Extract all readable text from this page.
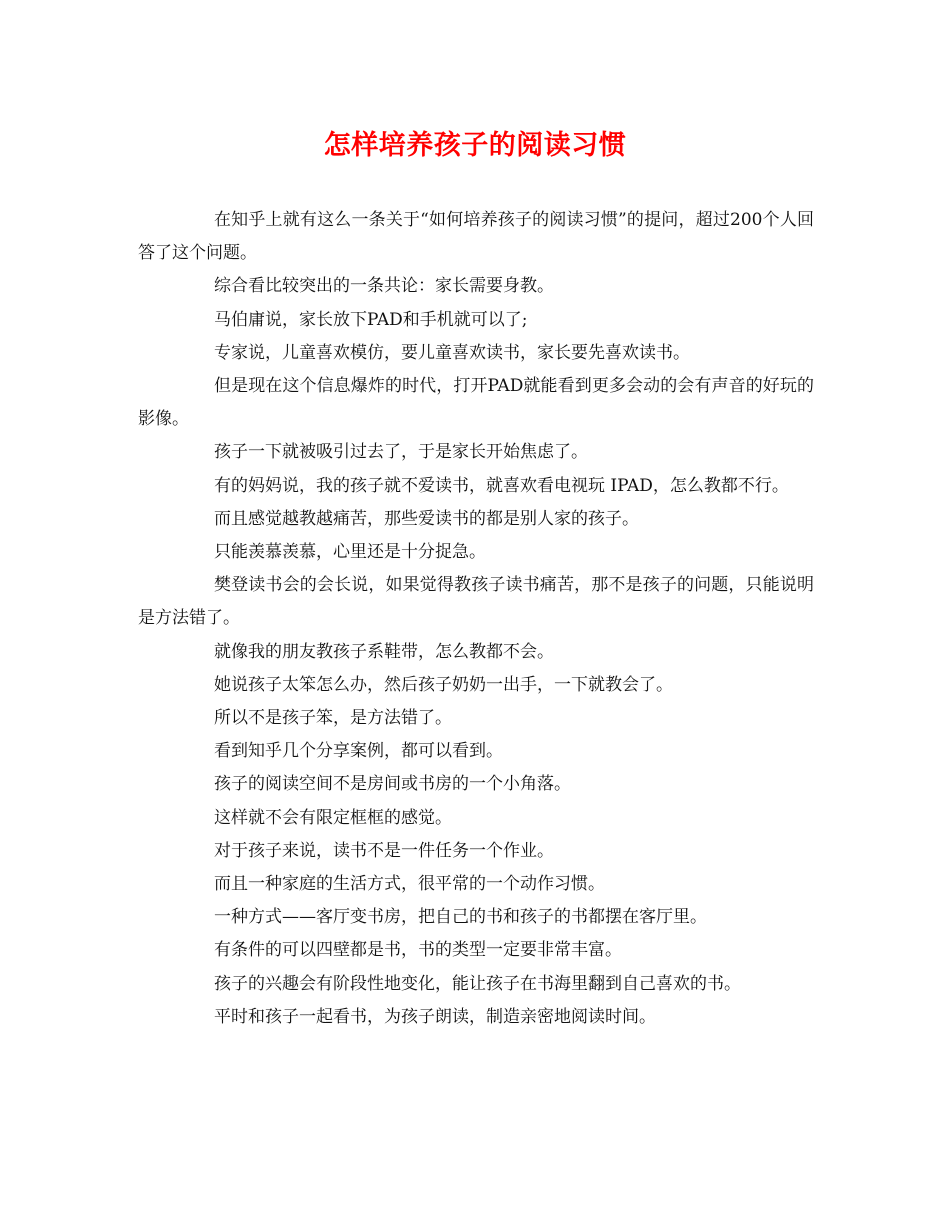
怎样培养孩子的阅读习惯

在知乎上就有这么一条关于“如何培养孩子的阅读习惯”的提问，超过200个人回答了这个问题。

综合看比较突出的一条共论：家长需要身教。

马伯庸说，家长放下PAD和手机就可以了;

专家说，儿童喜欢模仿，要儿童喜欢读书，家长要先喜欢读书。

但是现在这个信息爆炸的时代，打开PAD就能看到更多会动的会有声音的好玩的影像。

孩子一下就被吸引过去了，于是家长开始焦虑了。

有的妈妈说，我的孩子就不爱读书，就喜欢看电视玩 IPAD，怎么教都不行。

而且感觉越教越痛苦，那些爱读书的都是别人家的孩子。

只能羡慕羡慕，心里还是十分捉急。

樊登读书会的会长说，如果觉得教孩子读书痛苦，那不是孩子的问题，只能说明是方法错了。

就像我的朋友教孩子系鞋带，怎么教都不会。

她说孩子太笨怎么办，然后孩子奶奶一出手，一下就教会了。

所以不是孩子笨，是方法错了。

看到知乎几个分享案例，都可以看到。

孩子的阅读空间不是房间或书房的一个小角落。

这样就不会有限定框框的感觉。

对于孩子来说，读书不是一件任务一个作业。

而且一种家庭的生活方式，很平常的一个动作习惯。

一种方式——客厅变书房，把自己的书和孩子的书都摆在客厅里。

有条件的可以四壁都是书，书的类型一定要非常丰富。

孩子的兴趣会有阶段性地变化，能让孩子在书海里翻到自己喜欢的书。

平时和孩子一起看书，为孩子朗读，制造亲密地阅读时间。
